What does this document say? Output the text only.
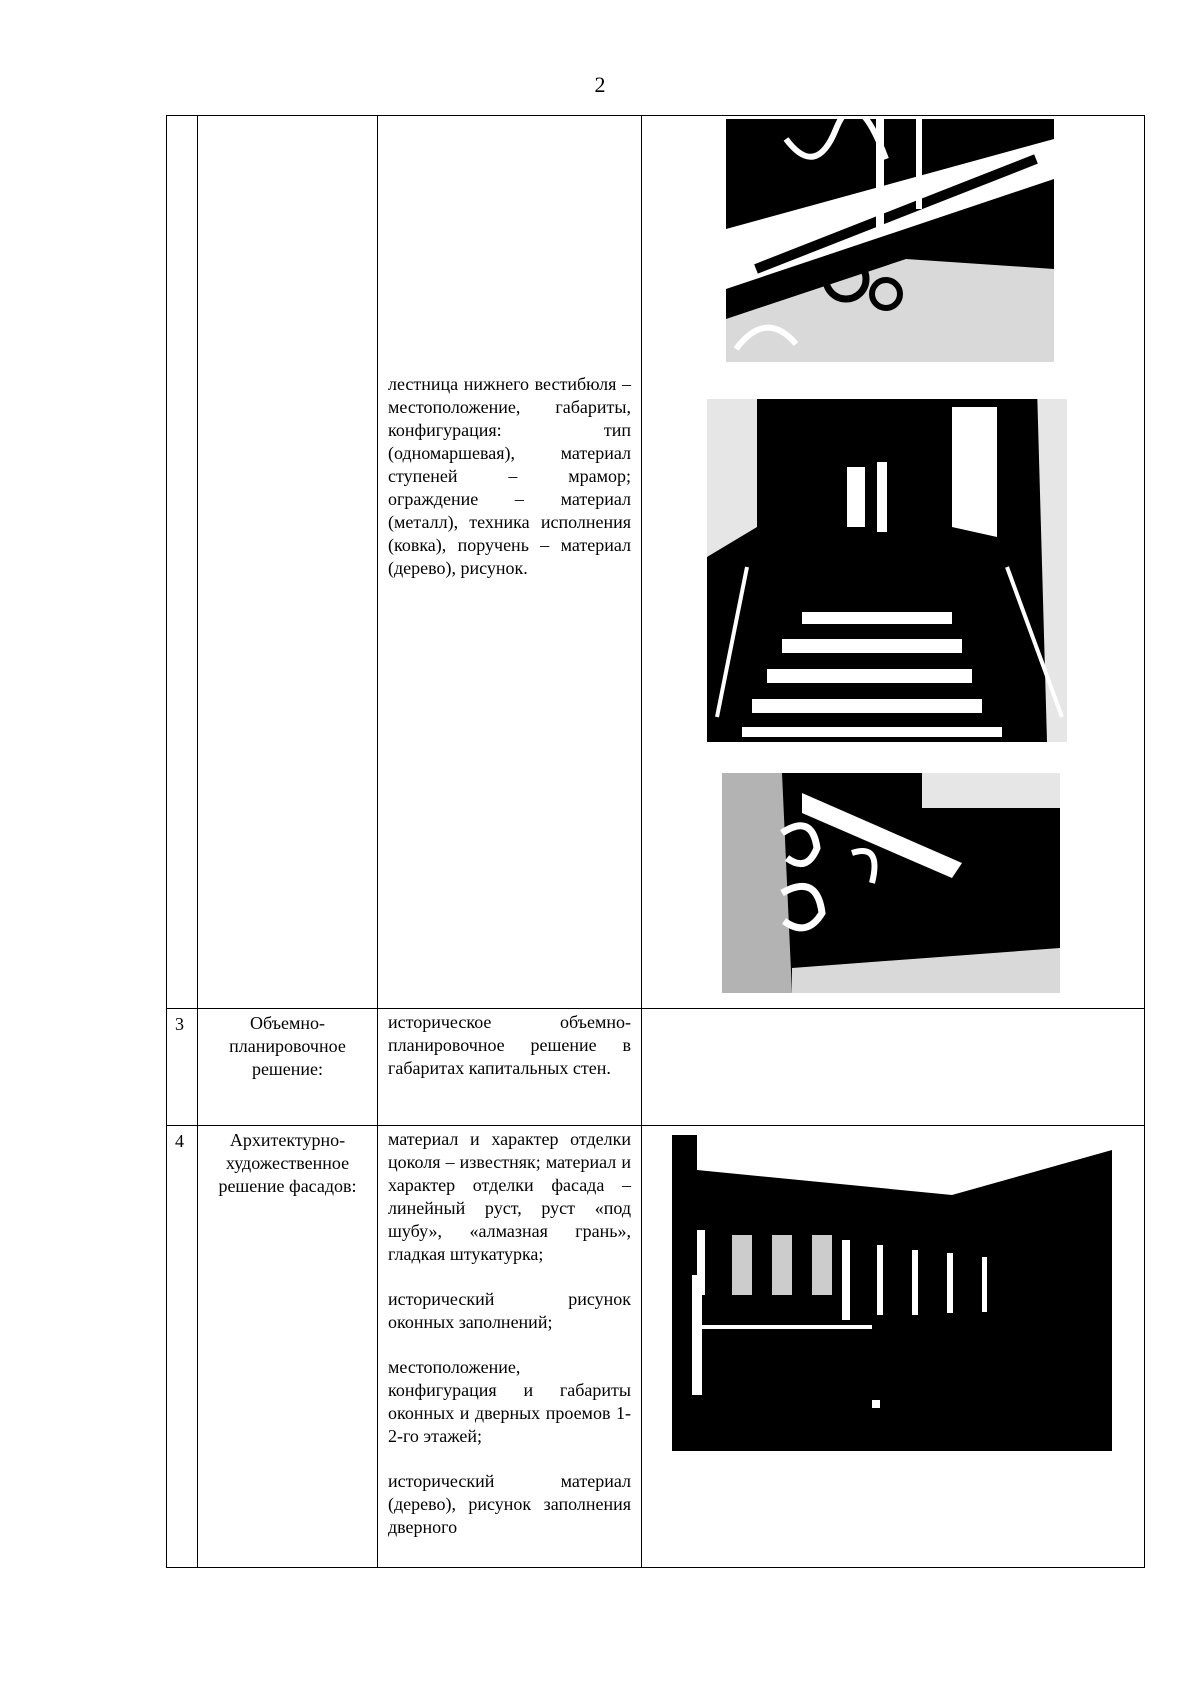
2

		лестница нижнего вестибюля – местоположение, габариты, конфигурация: тип (одномаршевая), материал ступеней – мрамор; ограждение – материал (металл), техника исполнения (ковка), поручень – материал (дерево), рисунок.	

3	Объемно-планировочное решение:	историческое объемно-планировочное решение в габаритах капитальных стен.	

4	Архитектурно-художественное решение фасадов:	материал и характер отделки цоколя – известняк; материал и характер отделки фасада – линейный руст, руст «под шубу», «алмазная грань», гладкая штукатурка;

исторический рисунок оконных заполнений;

местоположение, конфигурация и габариты оконных и дверных проемов 1-2-го этажей;

исторический материал (дерево), рисунок заполнения дверного	
